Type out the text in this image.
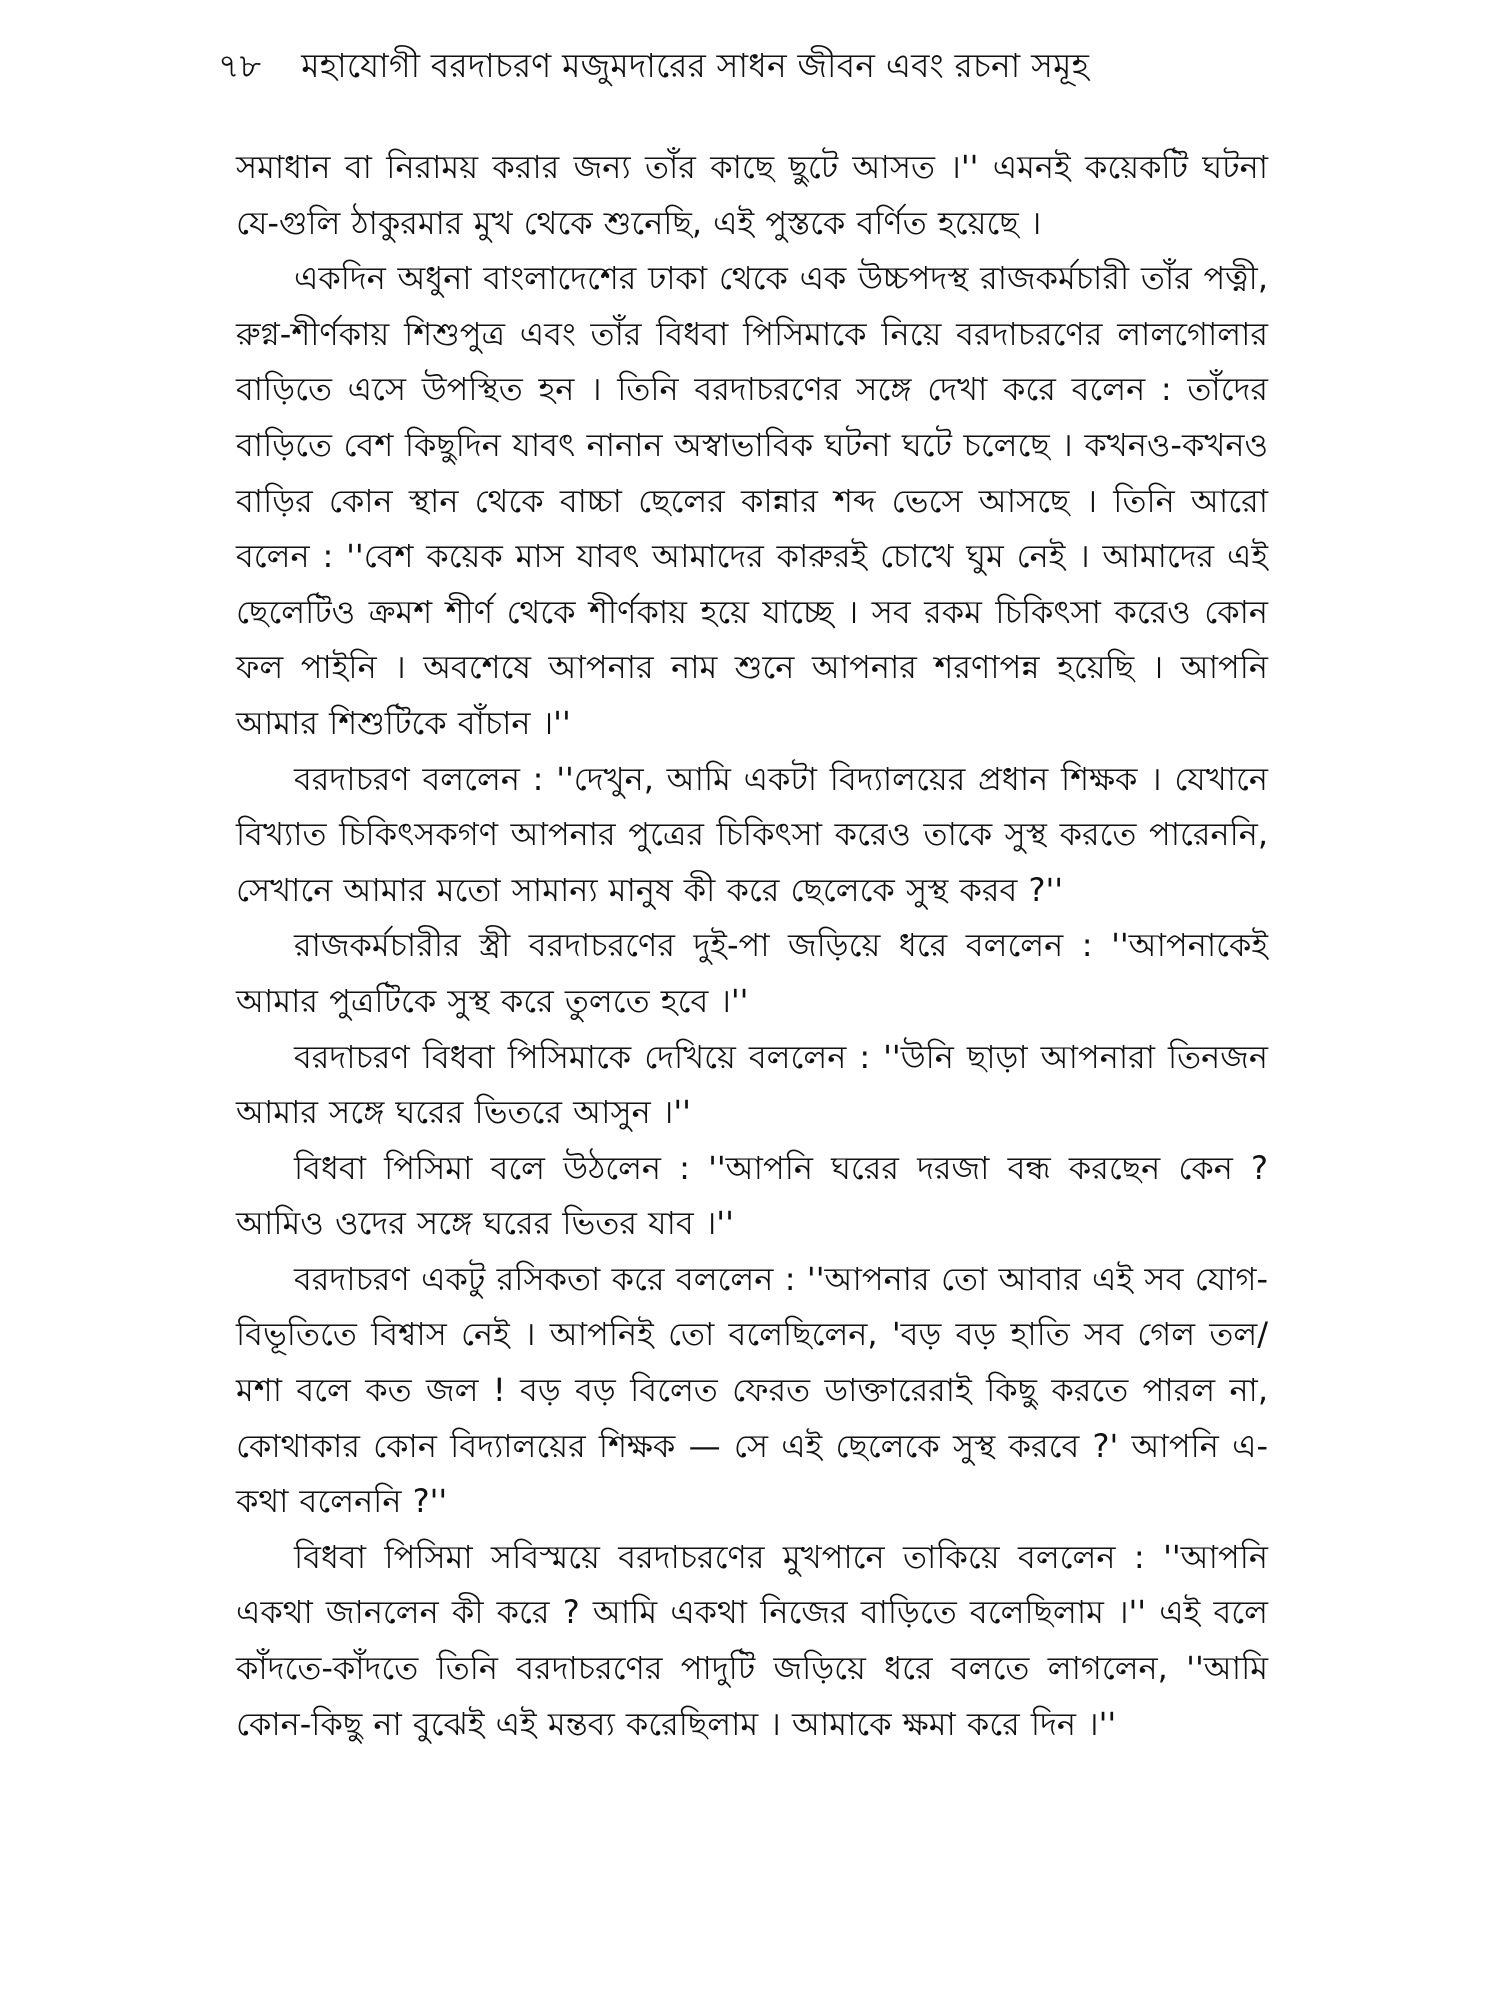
৭৮ মহাযোগী বরদাচরণ মজুমদারের সাধন জীবন এবং রচনা সমূহ

সমাধান বা নিরাময় করার জন্য তাঁর কাছে ছুটে আসত ।'' এমনই কয়েকটি ঘটনা যে-গুলি ঠাকুরমার মুখ থেকে শুনেছি, এই পুস্তকে বর্ণিত হয়েছে ।

একদিন অধুনা বাংলাদেশের ঢাকা থেকে এক উচ্চপদস্থ রাজকর্মচারী তাঁর পত্নী, রুগ্ন-শীর্ণকায় শিশুপুত্র এবং তাঁর বিধবা পিসিমাকে নিয়ে বরদাচরণের লালগোলার বাড়িতে এসে উপস্থিত হন । তিনি বরদাচরণের সঙ্গে দেখা করে বলেন : তাঁদের বাড়িতে বেশ কিছুদিন যাবৎ নানান অস্বাভাবিক ঘটনা ঘটে চলেছে । কখনও-কখনও বাড়ির কোন স্থান থেকে বাচ্চা ছেলের কান্নার শব্দ ভেসে আসছে । তিনি আরো বলেন : ''বেশ কয়েক মাস যাবৎ আমাদের কারুরই চোখে ঘুম নেই । আমাদের এই ছেলেটিও ক্রমশ শীর্ণ থেকে শীর্ণকায় হয়ে যাচ্ছে । সব রকম চিকিৎসা করেও কোন ফল পাইনি । অবশেষে আপনার নাম শুনে আপনার শরণাপন্ন হয়েছি । আপনি আমার শিশুটিকে বাঁচান ।''

বরদাচরণ বললেন : ''দেখুন, আমি একটা বিদ্যালয়ের প্রধান শিক্ষক । যেখানে বিখ্যাত চিকিৎসকগণ আপনার পুত্রের চিকিৎসা করেও তাকে সুস্থ করতে পারেননি, সেখানে আমার মতো সামান্য মানুষ কী করে ছেলেকে সুস্থ করব ?''

রাজকর্মচারীর স্ত্রী বরদাচরণের দুই-পা জড়িয়ে ধরে বললেন : ''আপনাকেই আমার পুত্রটিকে সুস্থ করে তুলতে হবে ।''

বরদাচরণ বিধবা পিসিমাকে দেখিয়ে বললেন : ''উনি ছাড়া আপনারা তিনজন আমার সঙ্গে ঘরের ভিতরে আসুন ।''

বিধবা পিসিমা বলে উঠলেন : ''আপনি ঘরের দরজা বন্ধ করছেন কেন ? আমিও ওদের সঙ্গে ঘরের ভিতর যাব ।''

বরদাচরণ একটু রসিকতা করে বললেন : ''আপনার তো আবার এই সব যোগ-বিভূতিতে বিশ্বাস নেই । আপনিই তো বলেছিলেন, 'বড় বড় হাতি সব গেল তল/মশা বলে কত জল ! বড় বড় বিলেত ফেরত ডাক্তারেরাই কিছু করতে পারল না, কোথাকার কোন বিদ্যালয়ের শিক্ষক — সে এই ছেলেকে সুস্থ করবে ?' আপনি এ-কথা বলেননি ?''

বিধবা পিসিমা সবিস্ময়ে বরদাচরণের মুখপানে তাকিয়ে বললেন : ''আপনি একথা জানলেন কী করে ? আমি একথা নিজের বাড়িতে বলেছিলাম ।'' এই বলে কাঁদতে-কাঁদতে তিনি বরদাচরণের পাদুটি জড়িয়ে ধরে বলতে লাগলেন, ''আমি কোন-কিছু না বুঝেই এই মন্তব্য করেছিলাম । আমাকে ক্ষমা করে দিন ।''
